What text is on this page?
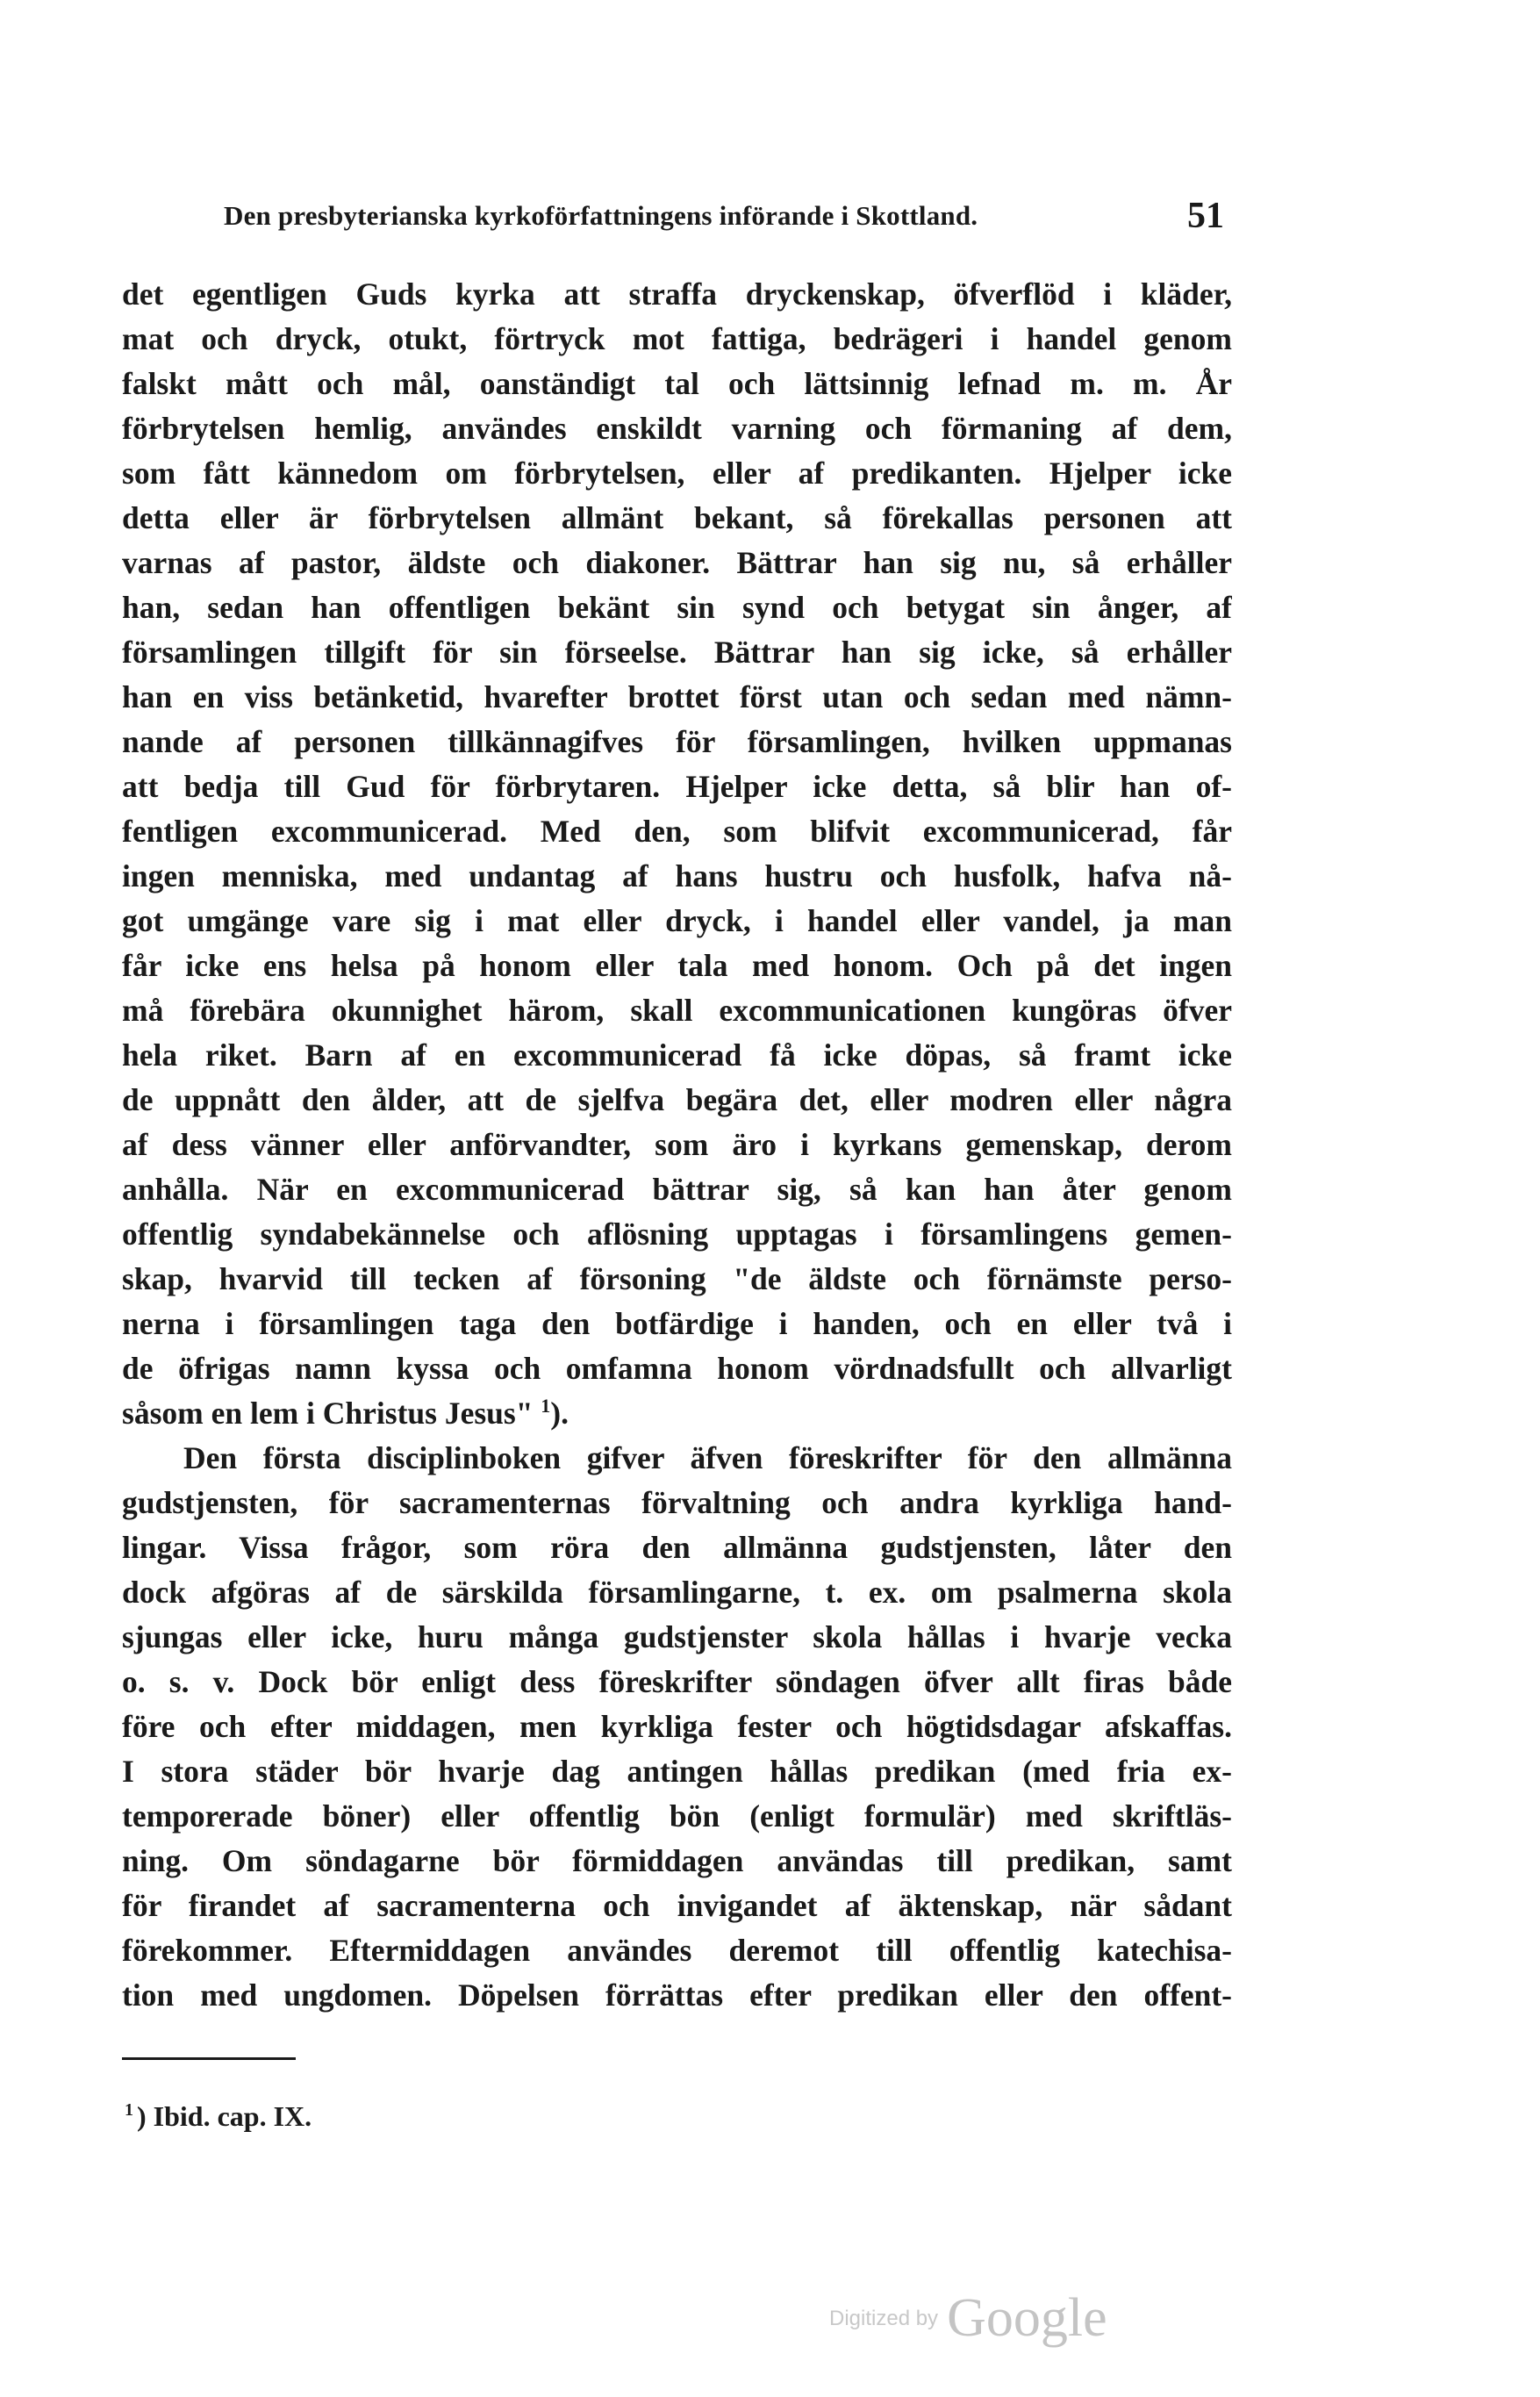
Den presbyterianska kyrkoförfattningens införande i Skottland.	51
det egentligen Guds kyrka att straffa dryckenskap, öfverflöd i kläder,
mat och dryck, otukt, förtryck mot fattiga, bedrägeri i handel genom
falskt mått och mål, oanständigt tal och lättsinnig lefnad m. m. År
förbrytelsen hemlig, användes enskildt varning och förmaning af dem,
som fått kännedom om förbrytelsen, eller af predikanten. Hjelper icke
detta eller är förbrytelsen allmänt bekant, så förekallas personen att
varnas af pastor, äldste och diakoner. Bättrar han sig nu, så erhåller
han, sedan han offentligen bekänt sin synd och betygat sin ånger, af
församlingen tillgift för sin förseelse. Bättrar han sig icke, så erhåller
han en viss betänketid, hvarefter brottet först utan och sedan med nämn-
nande af personen tillkännagifves för församlingen, hvilken uppmanas
att bedja till Gud för förbrytaren. Hjelper icke detta, så blir han of-
fentligen excommunicerad. Med den, som blifvit excommunicerad, får
ingen menniska, med undantag af hans hustru och husfolk, hafva nå-
got umgänge vare sig i mat eller dryck, i handel eller vandel, ja man
får icke ens helsa på honom eller tala med honom. Och på det ingen
må förebära okunnighet härom, skall excommunicationen kungöras öfver
hela riket. Barn af en excommunicerad få icke döpas, så framt icke
de uppnått den ålder, att de sjelfva begära det, eller modren eller några
af dess vänner eller anförvandter, som äro i kyrkans gemenskap, derom
anhålla. När en excommunicerad bättrar sig, så kan han åter genom
offentlig syndabekännelse och aflösning upptagas i församlingens gemen-
skap, hvarvid till tecken af försoning "de äldste och förnämste perso-
nerna i församlingen taga den botfärdige i handen, och en eller två i
de öfrigas namn kyssa och omfamna honom vördnadsfullt och allvarligt
såsom en lem i Christus Jesus" $^1$).
Den första disciplinboken gifver äfven föreskrifter för den allmänna
gudstjensten, för sacramenternas förvaltning och andra kyrkliga hand-
lingar. Vissa frågor, som röra den allmänna gudstjensten, låter den
dock afgöras af de särskilda församlingarne, t. ex. om psalmerna skola
sjungas eller icke, huru många gudstjenster skola hållas i hvarje vecka
o. s. v. Dock bör enligt dess föreskrifter söndagen öfver allt firas både
före och efter middagen, men kyrkliga fester och högtidsdagar afskaffas.
I stora städer bör hvarje dag antingen hållas predikan (med fria ex-
temporerade böner) eller offentlig bön (enligt formulär) med skriftläs-
ning. Om söndagarne bör förmiddagen användas till predikan, samt
för firandet af sacramenterna och invigandet af äktenskap, när sådant
förekommer. Eftermiddagen användes deremot till offentlig katechisa-
tion med ungdomen. Döpelsen förrättas efter predikan eller den offent-
$^1$ ) Ibid. cap. IX.
Digitized by Google
